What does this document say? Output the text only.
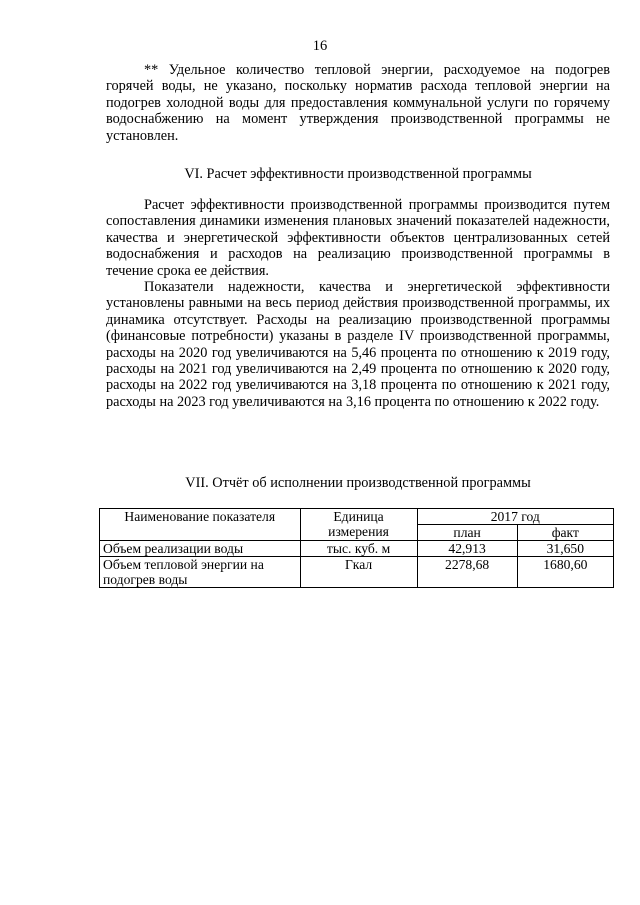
16

** Удельное количество тепловой энергии, расходуемое на подогрев горячей воды, не указано, поскольку норматив расхода тепловой энергии на подогрев холодной воды для предоставления коммунальной услуги по горячему водоснабжению на момент утверждения производственной программы не установлен.

VI. Расчет эффективности производственной программы

Расчет эффективности производственной программы производится путем сопоставления динамики изменения плановых значений показателей надежности, качества и энергетической эффективности объектов централизованных сетей водоснабжения и расходов на реализацию производственной программы в течение срока ее действия.

Показатели надежности, качества и энергетической эффективности установлены равными на весь период действия производственной программы, их динамика отсутствует. Расходы на реализацию производственной программы (финансовые потребности) указаны в разделе IV производственной программы, расходы на 2020 год увеличиваются на 5,46 процента по отношению к 2019 году, расходы на 2021 год увеличиваются на 2,49 процента по отношению к 2020 году, расходы на 2022 год увеличиваются на 3,18 процента по отношению к 2021 году, расходы на 2023 год увеличиваются на 3,16 процента по отношению к 2022 году.

VII. Отчёт об исполнении производственной программы
Наименование показателя	Единица измерения	2017 год	
		план	факт
Объем реализации воды	тыс. куб. м	42,913	31,650
Объем тепловой энергии на подогрев воды	Гкал	2278,68	1680,60
